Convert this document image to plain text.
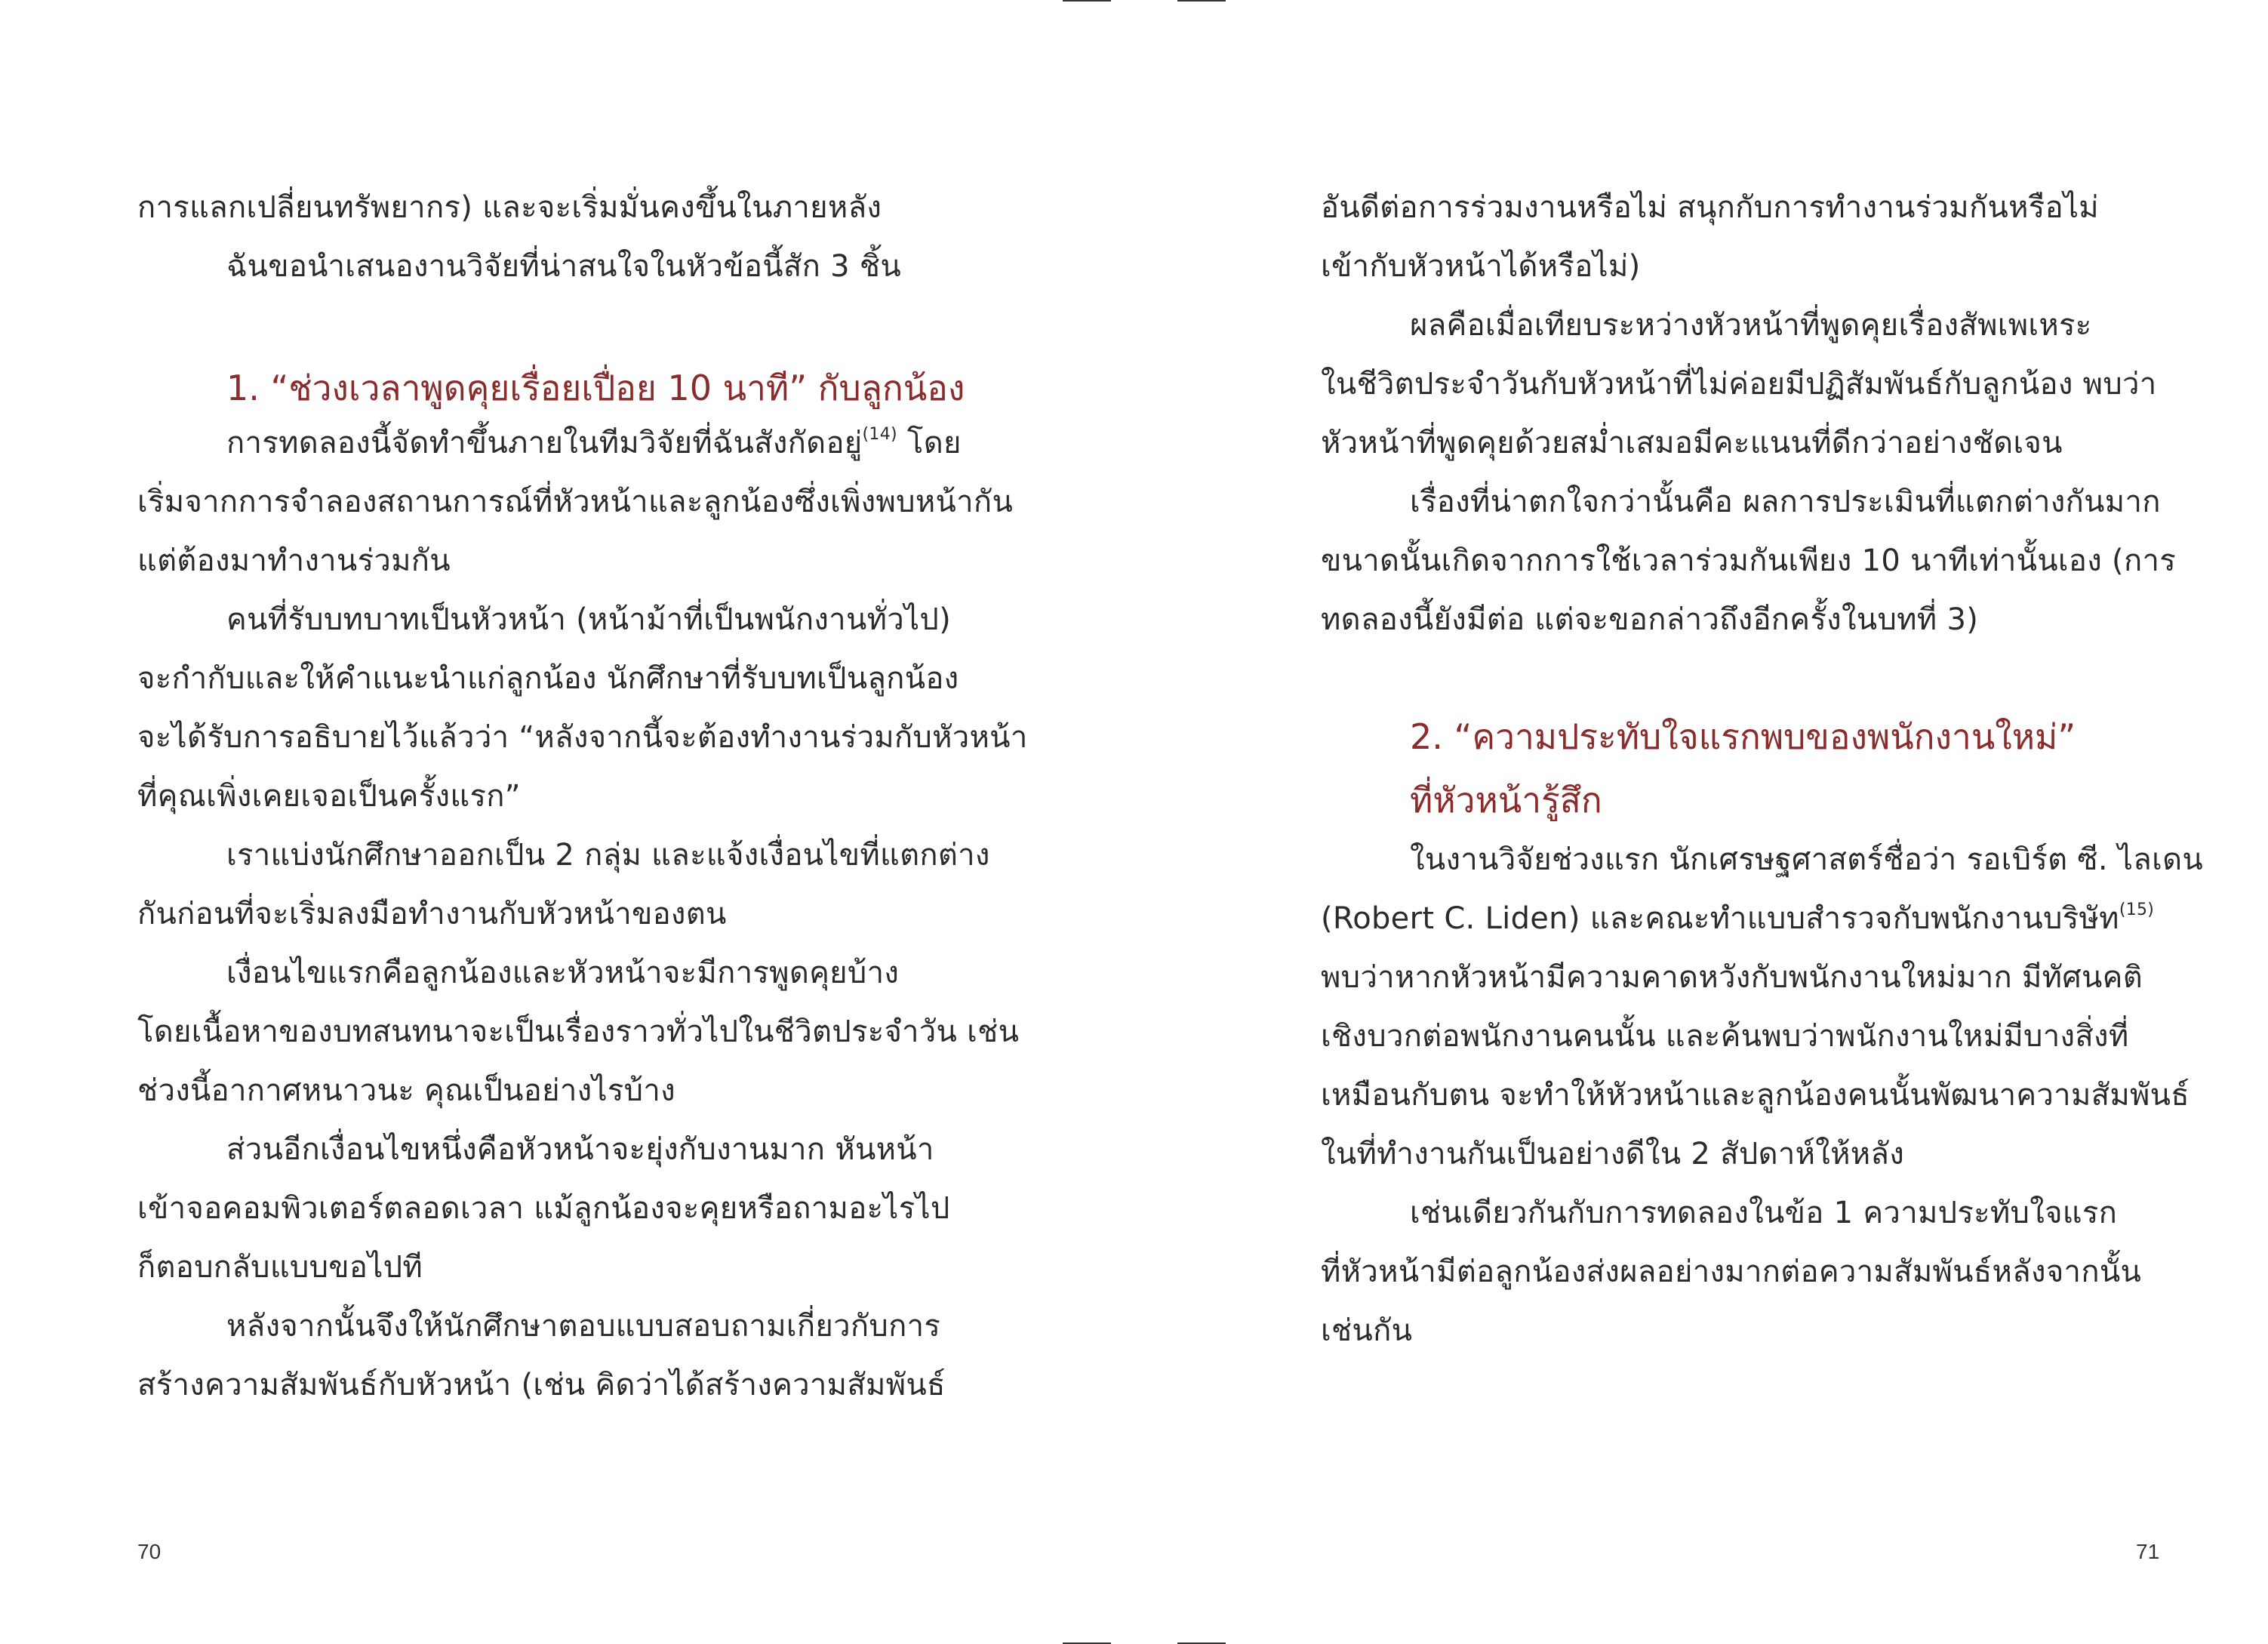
การแลกเปลี่ยนทรัพยากร) และจะเริ่มมั่นคงขึ้นในภายหลัง
ฉันขอนำเสนองานวิจัยที่น่าสนใจในหัวข้อนี้สัก 3 ชิ้น
1. “ช่วงเวลาพูดคุยเรื่อยเปื่อย 10 นาที” กับลูกน้อง
การทดลองนี้จัดทำขึ้นภายในทีมวิจัยที่ฉันสังกัดอยู่$^{(14)}$ โดย
เริ่มจากการจำลองสถานการณ์ที่หัวหน้าและลูกน้องซึ่งเพิ่งพบหน้ากัน
แต่ต้องมาทำงานร่วมกัน
คนที่รับบทบาทเป็นหัวหน้า (หน้าม้าที่เป็นพนักงานทั่วไป)
จะกำกับและให้คำแนะนำแก่ลูกน้อง นักศึกษาที่รับบทเป็นลูกน้อง
จะได้รับการอธิบายไว้แล้วว่า “หลังจากนี้จะต้องทำงานร่วมกับหัวหน้า
ที่คุณเพิ่งเคยเจอเป็นครั้งแรก”
เราแบ่งนักศึกษาออกเป็น 2 กลุ่ม และแจ้งเงื่อนไขที่แตกต่าง
กันก่อนที่จะเริ่มลงมือทำงานกับหัวหน้าของตน
เงื่อนไขแรกคือลูกน้องและหัวหน้าจะมีการพูดคุยบ้าง
โดยเนื้อหาของบทสนทนาจะเป็นเรื่องราวทั่วไปในชีวิตประจำวัน เช่น
ช่วงนี้อากาศหนาวนะ คุณเป็นอย่างไรบ้าง
ส่วนอีกเงื่อนไขหนึ่งคือหัวหน้าจะยุ่งกับงานมาก หันหน้า
เข้าจอคอมพิวเตอร์ตลอดเวลา แม้ลูกน้องจะคุยหรือถามอะไรไป
ก็ตอบกลับแบบขอไปที
หลังจากนั้นจึงให้นักศึกษาตอบแบบสอบถามเกี่ยวกับการ
สร้างความสัมพันธ์กับหัวหน้า (เช่น คิดว่าได้สร้างความสัมพันธ์
70
อันดีต่อการร่วมงานหรือไม่ สนุกกับการทำงานร่วมกันหรือไม่
เข้ากับหัวหน้าได้หรือไม่)
ผลคือเมื่อเทียบระหว่างหัวหน้าที่พูดคุยเรื่องสัพเพเหระ
ในชีวิตประจำวันกับหัวหน้าที่ไม่ค่อยมีปฏิสัมพันธ์กับลูกน้อง พบว่า
หัวหน้าที่พูดคุยด้วยสม่ำเสมอมีคะแนนที่ดีกว่าอย่างชัดเจน
เรื่องที่น่าตกใจกว่านั้นคือ ผลการประเมินที่แตกต่างกันมาก
ขนาดนั้นเกิดจากการใช้เวลาร่วมกันเพียง 10 นาทีเท่านั้นเอง (การ
ทดลองนี้ยังมีต่อ แต่จะขอกล่าวถึงอีกครั้งในบทที่ 3)
2. “ความประทับใจแรกพบของพนักงานใหม่”
ที่หัวหน้ารู้สึก
ในงานวิจัยช่วงแรก นักเศรษฐศาสตร์ชื่อว่า รอเบิร์ต ซี. ไลเดน
(Robert C. Liden) และคณะทำแบบสำรวจกับพนักงานบริษัท$^{(15)}$
พบว่าหากหัวหน้ามีความคาดหวังกับพนักงานใหม่มาก มีทัศนคติ
เชิงบวกต่อพนักงานคนนั้น และค้นพบว่าพนักงานใหม่มีบางสิ่งที่
เหมือนกับตน จะทำให้หัวหน้าและลูกน้องคนนั้นพัฒนาความสัมพันธ์
ในที่ทำงานกันเป็นอย่างดีใน 2 สัปดาห์ให้หลัง
เช่นเดียวกันกับการทดลองในข้อ 1 ความประทับใจแรก
ที่หัวหน้ามีต่อลูกน้องส่งผลอย่างมากต่อความสัมพันธ์หลังจากนั้น
เช่นกัน
71
